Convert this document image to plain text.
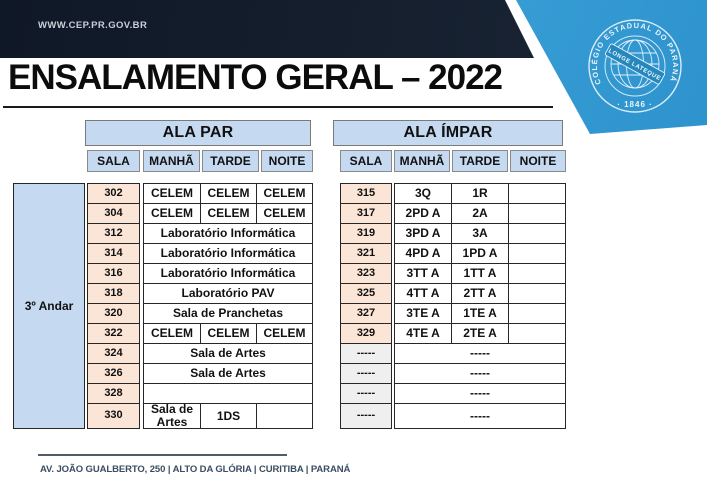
WWW.CEP.PR.GOV.BR
LONGE LATEQUE
COLÉGIO ESTADUAL DO PARANÁ
· 1846 ·
ENSALAMENTO GERAL – 2022
ALA PAR	ALA ÍMPAR
SALA	MANHÃ	TARDE	NOITE	SALA	MANHÃ	TARDE	NOITE
3º Andar
302	CELEM	CELEM	CELEM
304	CELEM	CELEM	CELEM
312	Laboratório Informática
314	Laboratório Informática
316	Laboratório Informática
318	Laboratório PAV
320	Sala de Pranchetas
322	CELEM	CELEM	CELEM
324	Sala de Artes
326	Sala de Artes
328
330	Sala de Artes	1DS
315	3Q	1R
317	2PD A	2A
319	3PD A	3A
321	4PD A	1PD A
323	3TT A	1TT A
325	4TT A	2TT A
327	3TE A	1TE A
329	4TE A	2TE A
-----	-----
-----	-----
-----	-----
-----	-----
AV. JOÃO GUALBERTO, 250 | ALTO DA GLÓRIA | CURITIBA | PARANÁ
